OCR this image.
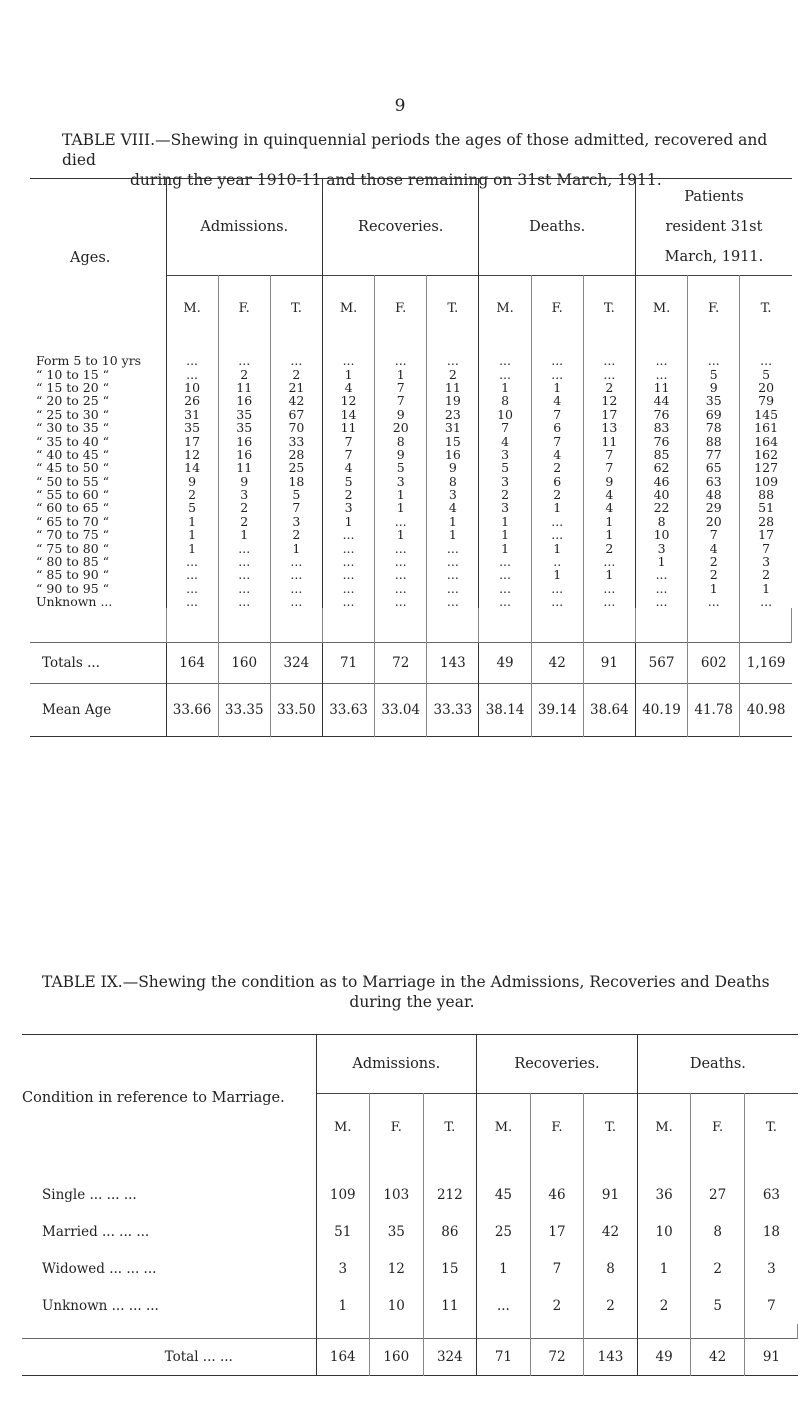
9
TABLE VIII.—Shewing in quinquennial periods the ages of those admitted, recovered and died
during the year 1910-11 and those remaining on 31st March, 1911.
Ages.	Admissions.			Recoveries.			Deaths.			Patients
resident 31st
March, 1911.		

	M.	F.	T.	M.	F.	T.	M.	F.	T.	M.	F.	T.
Form 5 to 10 yrs	...	...	...	...	...	...	...	...	...	...	...	...
“ 10 to 15 “	...	2	2	1	1	2	...	...	...	...	5	5
“ 15 to 20 “	10	11	21	4	7	11	1	1	2	11	9	20
“ 20 to 25 “	26	16	42	12	7	19	8	4	12	44	35	79
“ 25 to 30 “	31	35	67	14	9	23	10	7	17	76	69	145
“ 30 to 35 “	35	35	70	11	20	31	7	6	13	83	78	161
“ 35 to 40 “	17	16	33	7	8	15	4	7	11	76	88	164
“ 40 to 45 “	12	16	28	7	9	16	3	4	7	85	77	162
“ 45 to 50 “	14	11	25	4	5	9	5	2	7	62	65	127
“ 50 to 55 “	9	9	18	5	3	8	3	6	9	46	63	109
“ 55 to 60 “	2	3	5	2	1	3	2	2	4	40	48	88
“ 60 to 65 “	5	2	7	3	1	4	3	1	4	22	29	51
“ 65 to 70 “	1	2	3	1	...	1	1	...	1	8	20	28
“ 70 to 75 “	1	1	2	...	1	1	1	...	1	10	7	17
“ 75 to 80 “	1	...	1	...	...	...	1	1	2	3	4	7
“ 80 to 85 “	...	...	...	...	...	...	...	..	...	1	2	3
“ 85 to 90 “	...	...	...	...	...	...	...	1	1	...	2	2
“ 90 to 95 “	...	...	...	...	...	...	...	...	...	...	1	1
Unknown ...	...	...	...	...	...	...	...	...	...	...	...	...

Totals ...	164	160	324	71	72	143	49	42	91	567	602	1,169
Mean Age	33.66	33.35	33.50	33.63	33.04	33.33	38.14	39.14	38.64	40.19	41.78	40.98
TABLE IX.—Shewing the condition as to Marriage in the Admissions, Recoveries and Deaths
during the year.
Condition in reference to Marriage.	Admissions.			Recoveries.			Deaths.		
	M.	F.	T.	M.	F.	T.	M.	F.	T.
Single ... ... ...	109	103	212	45	46	91	36	27	63
Married ... ... ...	51	35	86	25	17	42	10	8	18
Widowed ... ... ...	3	12	15	1	7	8	1	2	3
Unknown ... ... ...	1	10	11	...	2	2	2	5	7

Total ... ...	164	160	324	71	72	143	49	42	91
